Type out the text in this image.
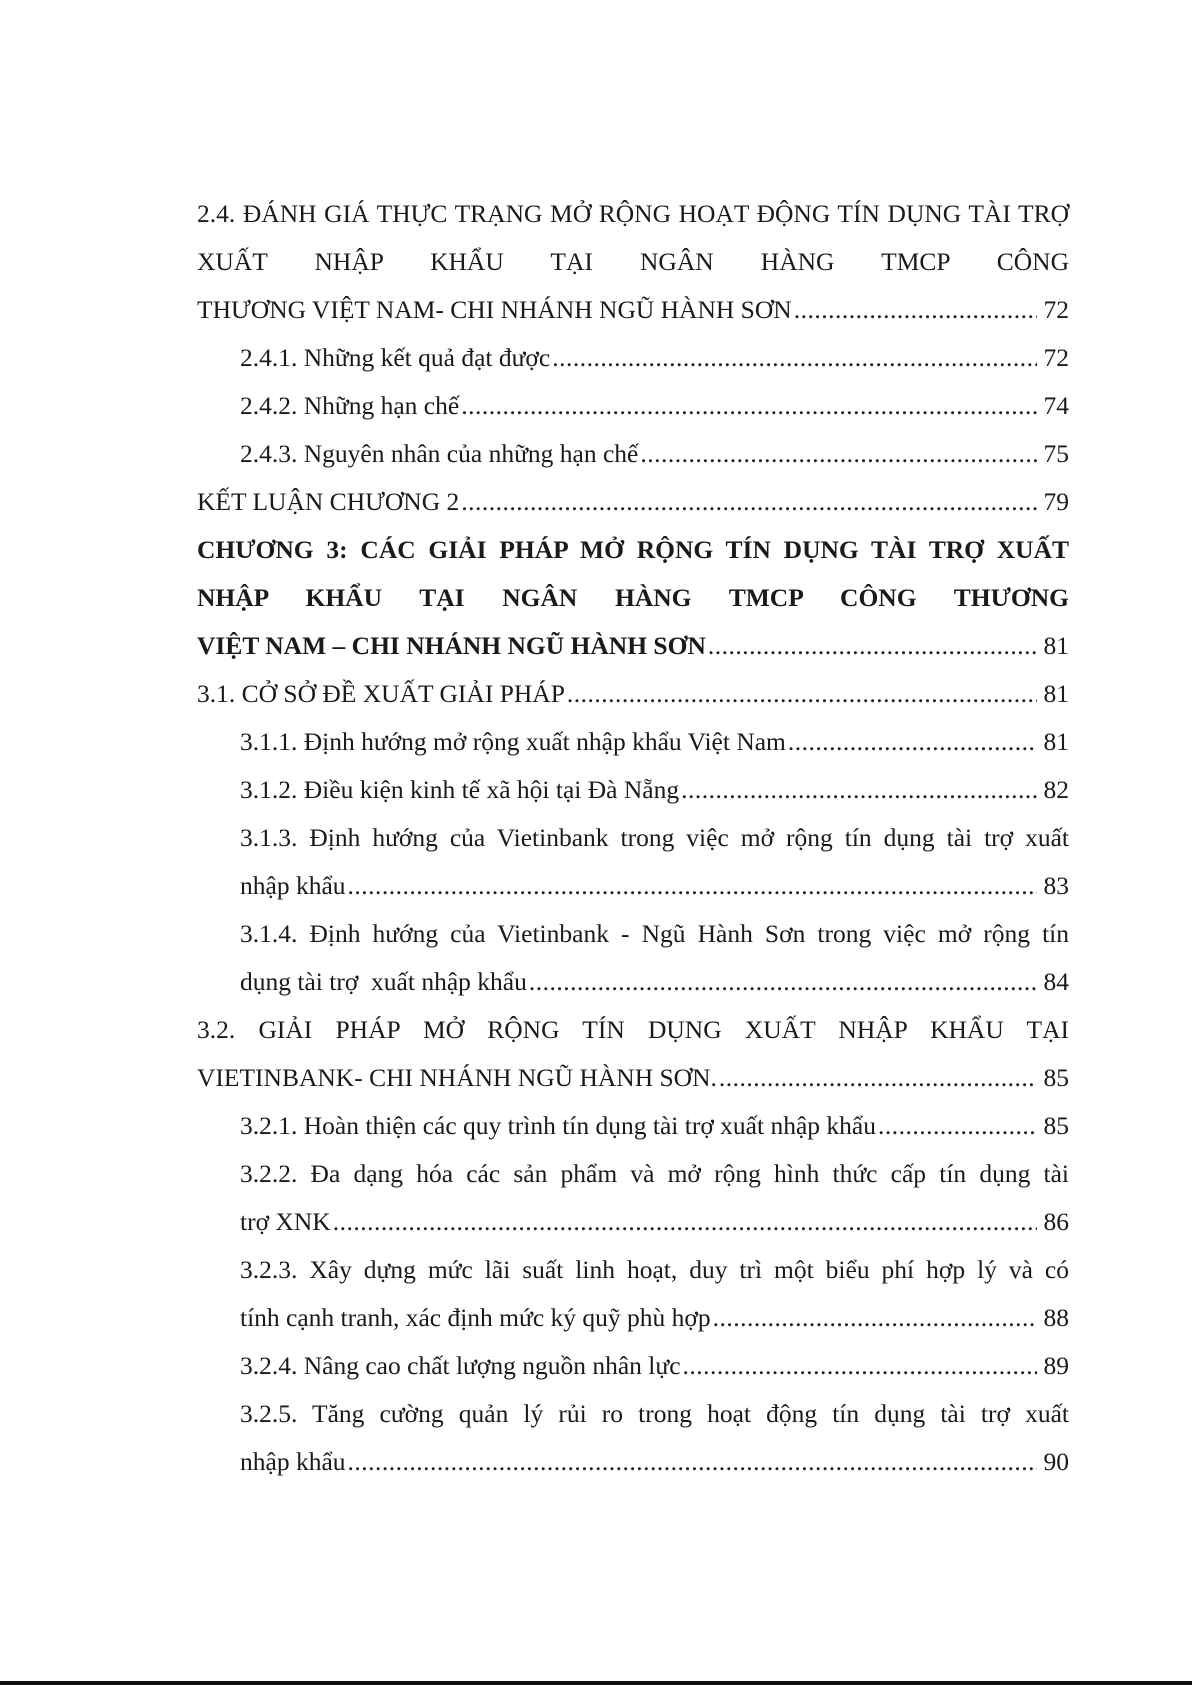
2.4. ĐÁNH GIÁ THỰC TRẠNG MỞ RỘNG HOẠT ĐỘNG TÍN DỤNG TÀI TRỢ XUẤT NHẬP KHẨU TẠI NGÂN HÀNG TMCP CÔNG
THƯƠNG VIỆT NAM- CHI NHÁNH NGŨ HÀNH SƠN .....	72
2.4.1. Những kết quả đạt được .....	72
2.4.2. Những hạn chế .....	74
2.4.3. Nguyên nhân của những hạn chế .....	75
KẾT LUẬN CHƯƠNG 2 .....	79
CHƯƠNG 3: CÁC GIẢI PHÁP MỞ RỘNG TÍN DỤNG TÀI TRỢ XUẤT NHẬP KHẨU TẠI NGÂN HÀNG TMCP CÔNG THƯƠNG
VIỆT NAM – CHI NHÁNH NGŨ HÀNH SƠN .....	81
3.1. CỞ SỞ ĐỀ XUẤT GIẢI PHÁP .....	81
3.1.1. Định hướng mở rộng xuất nhập khẩu Việt Nam .....	81
3.1.2. Điều kiện kinh tế xã hội tại Đà Nẵng .....	82
3.1.3. Định hướng của Vietinbank trong việc mở rộng tín dụng tài trợ xuất
nhập khẩu .....	83
3.1.4. Định hướng của Vietinbank - Ngũ Hành Sơn trong việc mở rộng tín
dụng tài trợ  xuất nhập khẩu .....	84
3.2. GIẢI PHÁP MỞ RỘNG TÍN DỤNG XUẤT NHẬP KHẨU TẠI
VIETINBANK- CHI NHÁNH NGŨ HÀNH SƠN. .....	85
3.2.1. Hoàn thiện các quy trình tín dụng tài trợ xuất nhập khẩu .....	85
3.2.2. Đa dạng hóa các sản phẩm và mở rộng hình thức cấp tín dụng tài
trợ XNK .....	86
3.2.3. Xây dựng mức lãi suất linh hoạt, duy trì một biểu phí hợp lý và có
tính cạnh tranh, xác định mức ký quỹ phù hợp .....	88
3.2.4. Nâng cao chất lượng nguồn nhân lực .....	89
3.2.5. Tăng cường quản lý rủi ro trong hoạt động tín dụng tài trợ xuất
nhập khẩu .....	90
